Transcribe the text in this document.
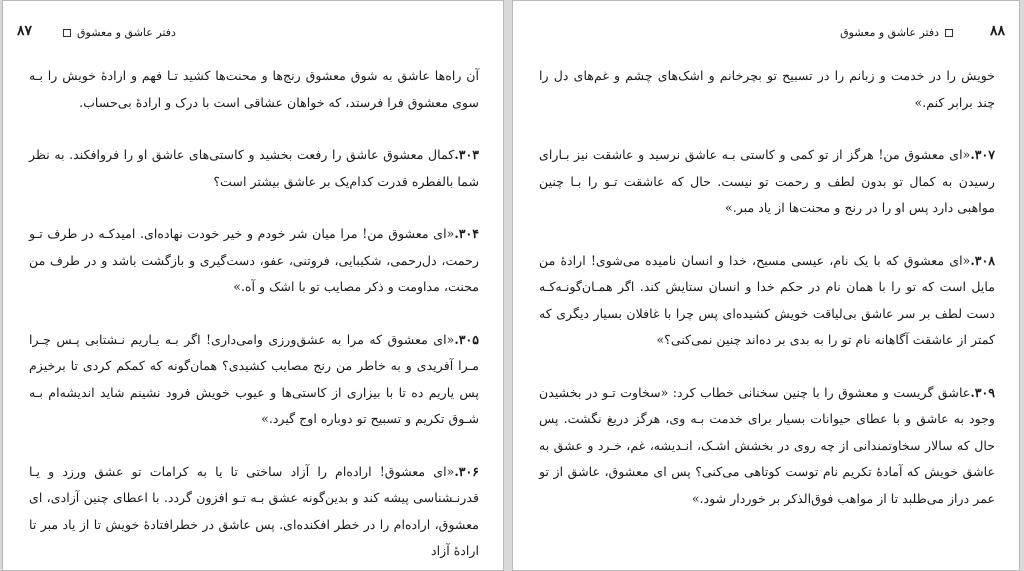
۸۷	دفتر عاشق و معشوق

آن راه‌ها عاشق به شوق معشوق رنج‌ها و محنت‌ها کشید تـا فهم و ارادهٔ خویش را بـه سوی معشوق فرا فرستد، که خواهان عشاقی است با درک و ارادهٔ بی‌حساب.

۳۰۳.کمال معشوق عاشق را رفعت بخشید و کاستی‌های عاشق او را فروافکند. به نظر شما بالفطره قدرت کدام‌یک بر عاشق بیشتر است؟

۳۰۴.«ای معشوق من! مرا میان شر خودم و خیر خودت نهاده‌ای. امیدکـه در طرف تـو رحمت، دل‌رحمی، شکیبایی، فروتنی، عفو، دست‌گیری و بازگشت باشد و در طرف من محنت، مداومت و ذکر مصایب تو با اشک و آه.»

۳۰۵.«ای معشوق که مرا به عشق‌ورزی وامی‌داری! اگر بـه یـاریم نـشتابی پـس چـرا مـرا آفریدی و به خاطر من رنج مصایب کشیدی؟ همان‌گونه که کمکم کردی تا برخیزم پس یاریم ده تا با بیزاری از کاستی‌ها و عیوب خویش فرود نشینم شاید اندیشه‌ام بـه شـوق تکریم و تسبیح تو دوباره اوج گیرد.»

۳۰۶.«ای معشوق! اراده‌ام را آزاد ساختی تا یا به کرامات تو عشق ورزد و یـا قدرنـشناسی پیشه کند و بدین‌گونه عشق بـه تـو افزون گردد. با اعطای چنین آزادی، ای معشوق، اراده‌ام را در خطر افکنده‌ای. پس عاشق در خطرافتادهٔ خویش تا از یاد مبر تا ارادهٔ آزاد

۸۸
دفتر عاشق و معشوق

خویش را در خدمت و زبانم را در تسبیح تو بچرخانم و اشک‌های چشم و غم‌های دل را چند برابر کنم.»

۳۰۷.«ای معشوق من! هرگز از تو کمی و کاستی بـه عاشق نرسید و عاشقت نیز بـارای رسیدن به کمال تو بدون لطف و رحمت تو نیست. حال که عاشقت تـو را بـا چنین مواهبی دارد پس او را در رنج و محنت‌ها از یاد مبر.»

۳۰۸.«ای معشوق که با یک نام، عیسی مسیح، خدا و انسان نامیده می‌شوی! ارادهٔ من مایل است که تو را با همان نام در حکم خدا و انسان ستایش کند. اگر همـان‌گونـه‌کـه دست لطف بر سر عاشق بی‌لیاقت خویش کشیده‌ای پس چرا با غافلان بسیار دیگری که کمتر از عاشقت آگاهانه نام تو را به بدی بر ده‌اند چنین نمی‌کنی؟»

۳۰۹.عاشق گریست و معشوق را با چنین سخنانی خطاب کرد: «سخاوت تـو در بخشیدن وجود به عاشق و با عطای حیوانات بسیار برای خدمت بـه وی، هرگز دریغ نگشت. پس حال که سالار سخاوتمندانی از چه روی در بخشش اشـک، انـدیشه، غم، خـرد و عشق به عاشق خویش که آمادهٔ تکریم نام توست کوتاهی می‌کنی؟ پس ای معشوق، عاشق از تو عمر دراز می‌طلبد تا از مواهب فوق‌الذکر بر خوردار شود.»
